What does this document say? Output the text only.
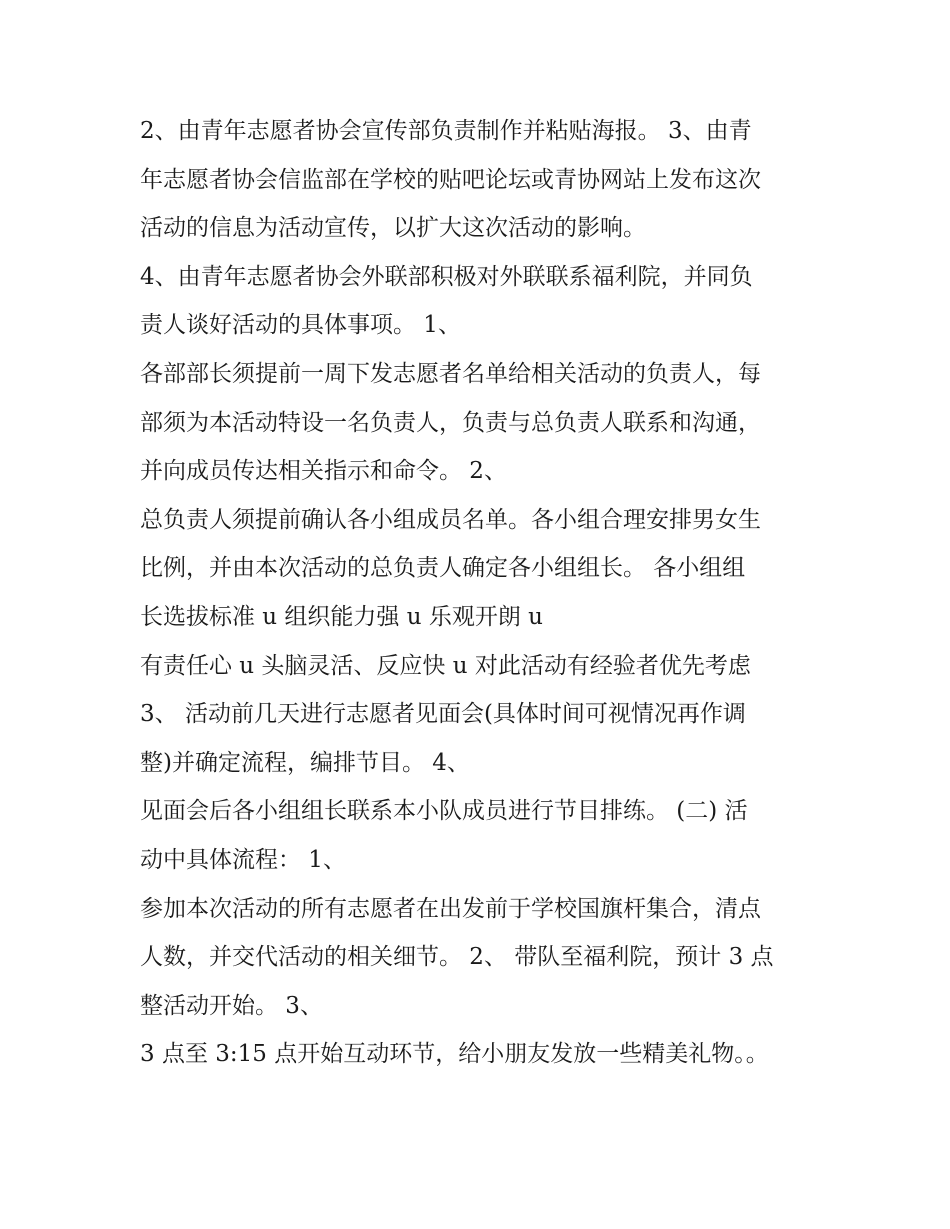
2、由青年志愿者协会宣传部负责制作并粘贴海报。 3、由青
年志愿者协会信监部在学校的贴吧论坛或青协网站上发布这次
活动的信息为活动宣传，以扩大这次活动的影响。
4、由青年志愿者协会外联部积极对外联联系福利院，并同负
责人谈好活动的具体事项。 1、
各部部长须提前一周下发志愿者名单给相关活动的负责人，每
部须为本活动特设一名负责人，负责与总负责人联系和沟通，
并向成员传达相关指示和命令。 2、
总负责人须提前确认各小组成员名单。各小组合理安排男女生
比例，并由本次活动的总负责人确定各小组组长。 各小组组
长选拔标准 u 组织能力强 u 乐观开朗 u
有责任心 u 头脑灵活、反应快 u 对此活动有经验者优先考虑
3、 活动前几天进行志愿者见面会(具体时间可视情况再作调
整)并确定流程，编排节目。 4、
见面会后各小组组长联系本小队成员进行节目排练。 (二) 活
动中具体流程： 1、
参加本次活动的所有志愿者在出发前于学校国旗杆集合，清点
人数，并交代活动的相关细节。 2、 带队至福利院，预计 3 点
整活动开始。 3、
3 点至 3:15 点开始互动环节，给小朋友发放一些精美礼物。。
